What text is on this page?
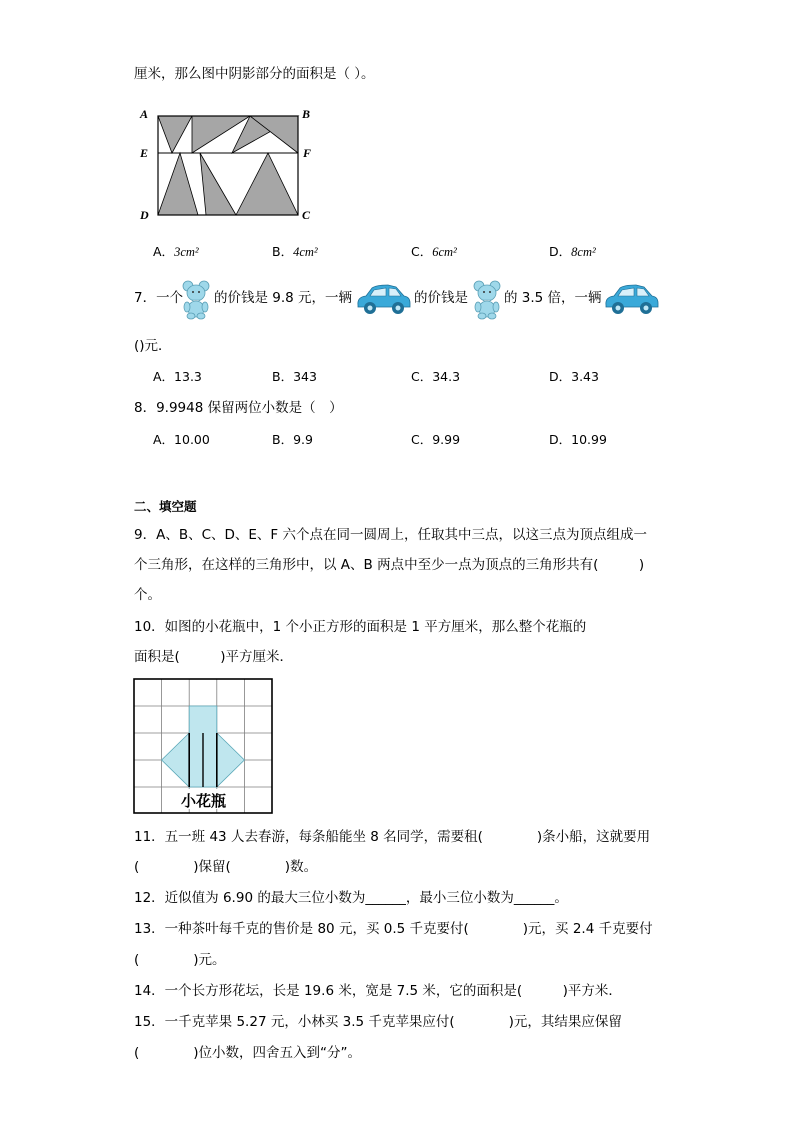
厘米，那么图中阴影部分的面积是（ ）。
A	B
E	F
D	C
A．3cm²	B．4cm²	C．6cm²	D．8cm²
7．一个 的价钱是 9.8 元，一辆	的价钱是	的 3.5 倍，一辆
()元．
A．13.3	B．343	C．34.3	D．3.43
8．9.9948 保留两位小数是（　）
A．10.00	B．9.9	C．9.99	D．10.99
二、填空题
9．A、B、C、D、E、F 六个点在同一圆周上，任取其中三点，以这三点为顶点组成一
个三角形，在这样的三角形中，以 A、B 两点中至少一点为顶点的三角形共有(　　　)
个。
10．如图的小花瓶中，1 个小正方形的面积是 1 平方厘米，那么整个花瓶的
面积是(　　　)平方厘米．
小花瓶
11．五一班 43 人去春游，每条船能坐 8 名同学，需要租(　　　　)条小船，这就要用
(　　　　)保留(　　　　)数。
12．近似值为 6.90 的最大三位小数为______，最小三位小数为______。
13．一种茶叶每千克的售价是 80 元，买 0.5 千克要付(　　　　)元，买 2.4 千克要付
(　　　　)元。
14．一个长方形花坛，长是 19.6 米，宽是 7.5 米，它的面积是(　　　)平方米．
15．一千克苹果 5.27 元，小林买 3.5 千克苹果应付(　　　　)元，其结果应保留
(　　　　)位小数，四舍五入到“分”。
